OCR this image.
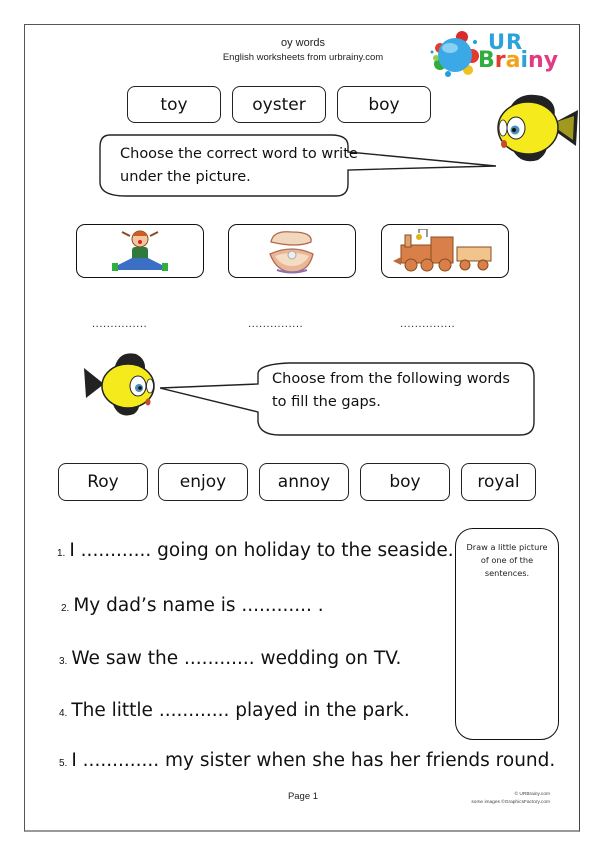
oy words
English worksheets from urbrainy.com
UR
Brainy
toy	oyster	boy
Choose the correct word to write
under the picture.
...............	...............	...............
Choose from the following words
to fill the gaps.
Roy	enjoy	annoy	boy	royal
1. I ............ going on holiday to the seaside.
2. My dad’s name is ............ .
3. We saw the ............ wedding on TV.
4. The little ............ played in the park.
5. I ............. my sister when she has her friends round.
Draw a little picture
of one of the
sentences.
Page 1	© URBrainy.com
some images ©GraphicsFactory.com
